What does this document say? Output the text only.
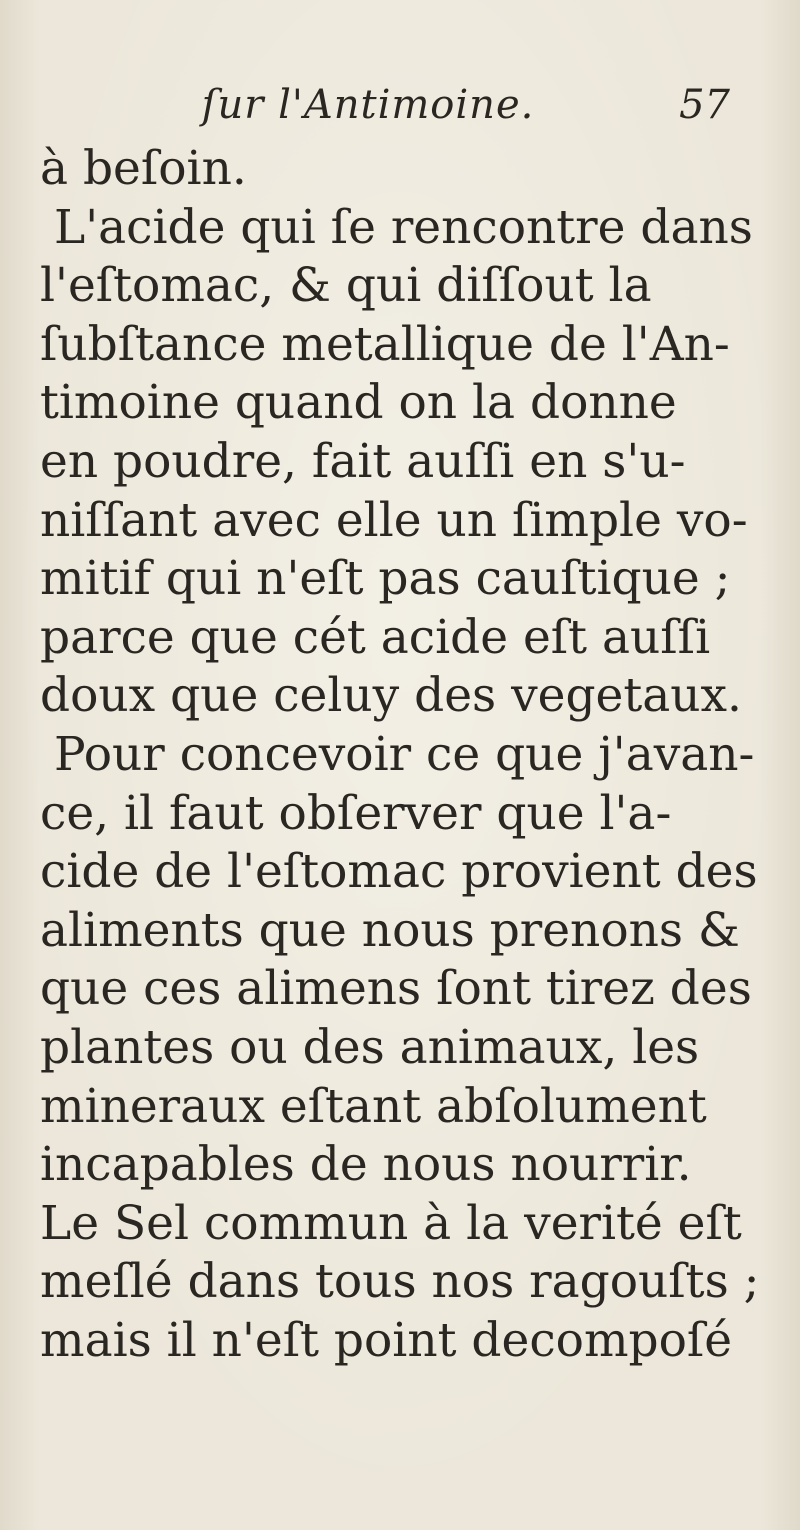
ſur l'Antimoine.	57
à beſoin.
L'acide qui ſe rencontre dans
l'eſtomac, & qui diſſout la
ſubſtance metallique de l'An-
timoine quand on la donne
en poudre, fait auſſi en s'u-
niſſant avec elle un ſimple vo-
mitif qui n'eſt pas cauſtique ;
parce que cét acide eſt auſſi
doux que celuy des vegetaux.
Pour concevoir ce que j'avan-
ce, il faut obſerver que l'a-
cide de l'eſtomac provient des
aliments que nous prenons &
que ces alimens ſont tirez des
plantes ou des animaux, les
mineraux eſtant abſolument
incapables de nous nourrir.
Le Sel commun à la verité eſt
meſlé dans tous nos ragouſts ;
mais il n'eſt point decompoſé
